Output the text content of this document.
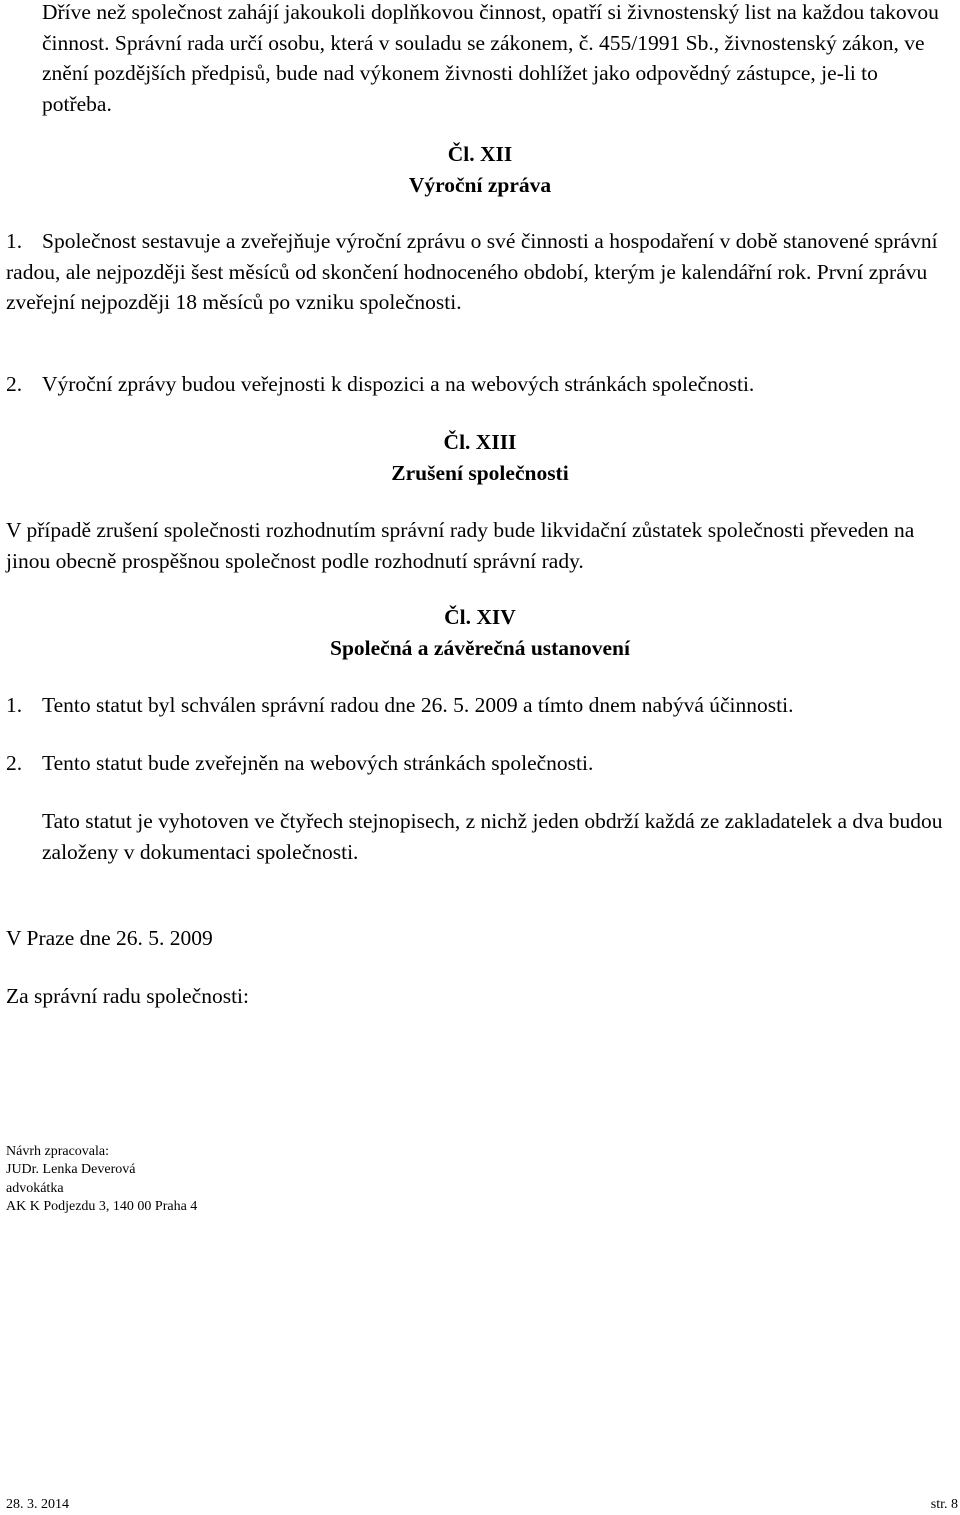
Dříve než společnost zahájí jakoukoli doplňkovou činnost, opatří si živnostenský list na každou takovou činnost. Správní rada určí osobu, která v souladu se zákonem, č. 455/1991 Sb., živnostenský zákon, ve znění pozdějších předpisů, bude nad výkonem živnosti dohlížet jako odpovědný zástupce, je-li to potřeba.

Čl. XII

Výroční zpráva

1. Společnost sestavuje a zveřejňuje výroční zprávu o své činnosti a hospodaření v době stanovené správní radou, ale nejpozději šest měsíců od skončení hodnoceného období, kterým je kalendářní rok. První zprávu zveřejní nejpozději 18 měsíců po vzniku společnosti.

2. Výroční zprávy budou veřejnosti k dispozici a na webových stránkách společnosti.

Čl. XIII

Zrušení společnosti

V případě zrušení společnosti rozhodnutím správní rady bude likvidační zůstatek společnosti převeden na jinou obecně prospěšnou společnost podle rozhodnutí správní rady.

Čl. XIV

Společná a závěrečná ustanovení

1. Tento statut byl schválen správní radou dne 26. 5. 2009 a tímto dnem nabývá účinnosti.

2. Tento statut bude zveřejněn na webových stránkách společnosti.

Tato statut je vyhotoven ve čtyřech stejnopisech, z nichž jeden obdrží každá ze zakladatelek a dva budou založeny v dokumentaci společnosti.

V Praze dne 26. 5. 2009

Za správní radu společnosti:

Návrh zpracovala:

JUDr. Lenka Deverová

advokátka

AK K Podjezdu 3, 140 00 Praha 4

28. 3. 2014	str. 8
